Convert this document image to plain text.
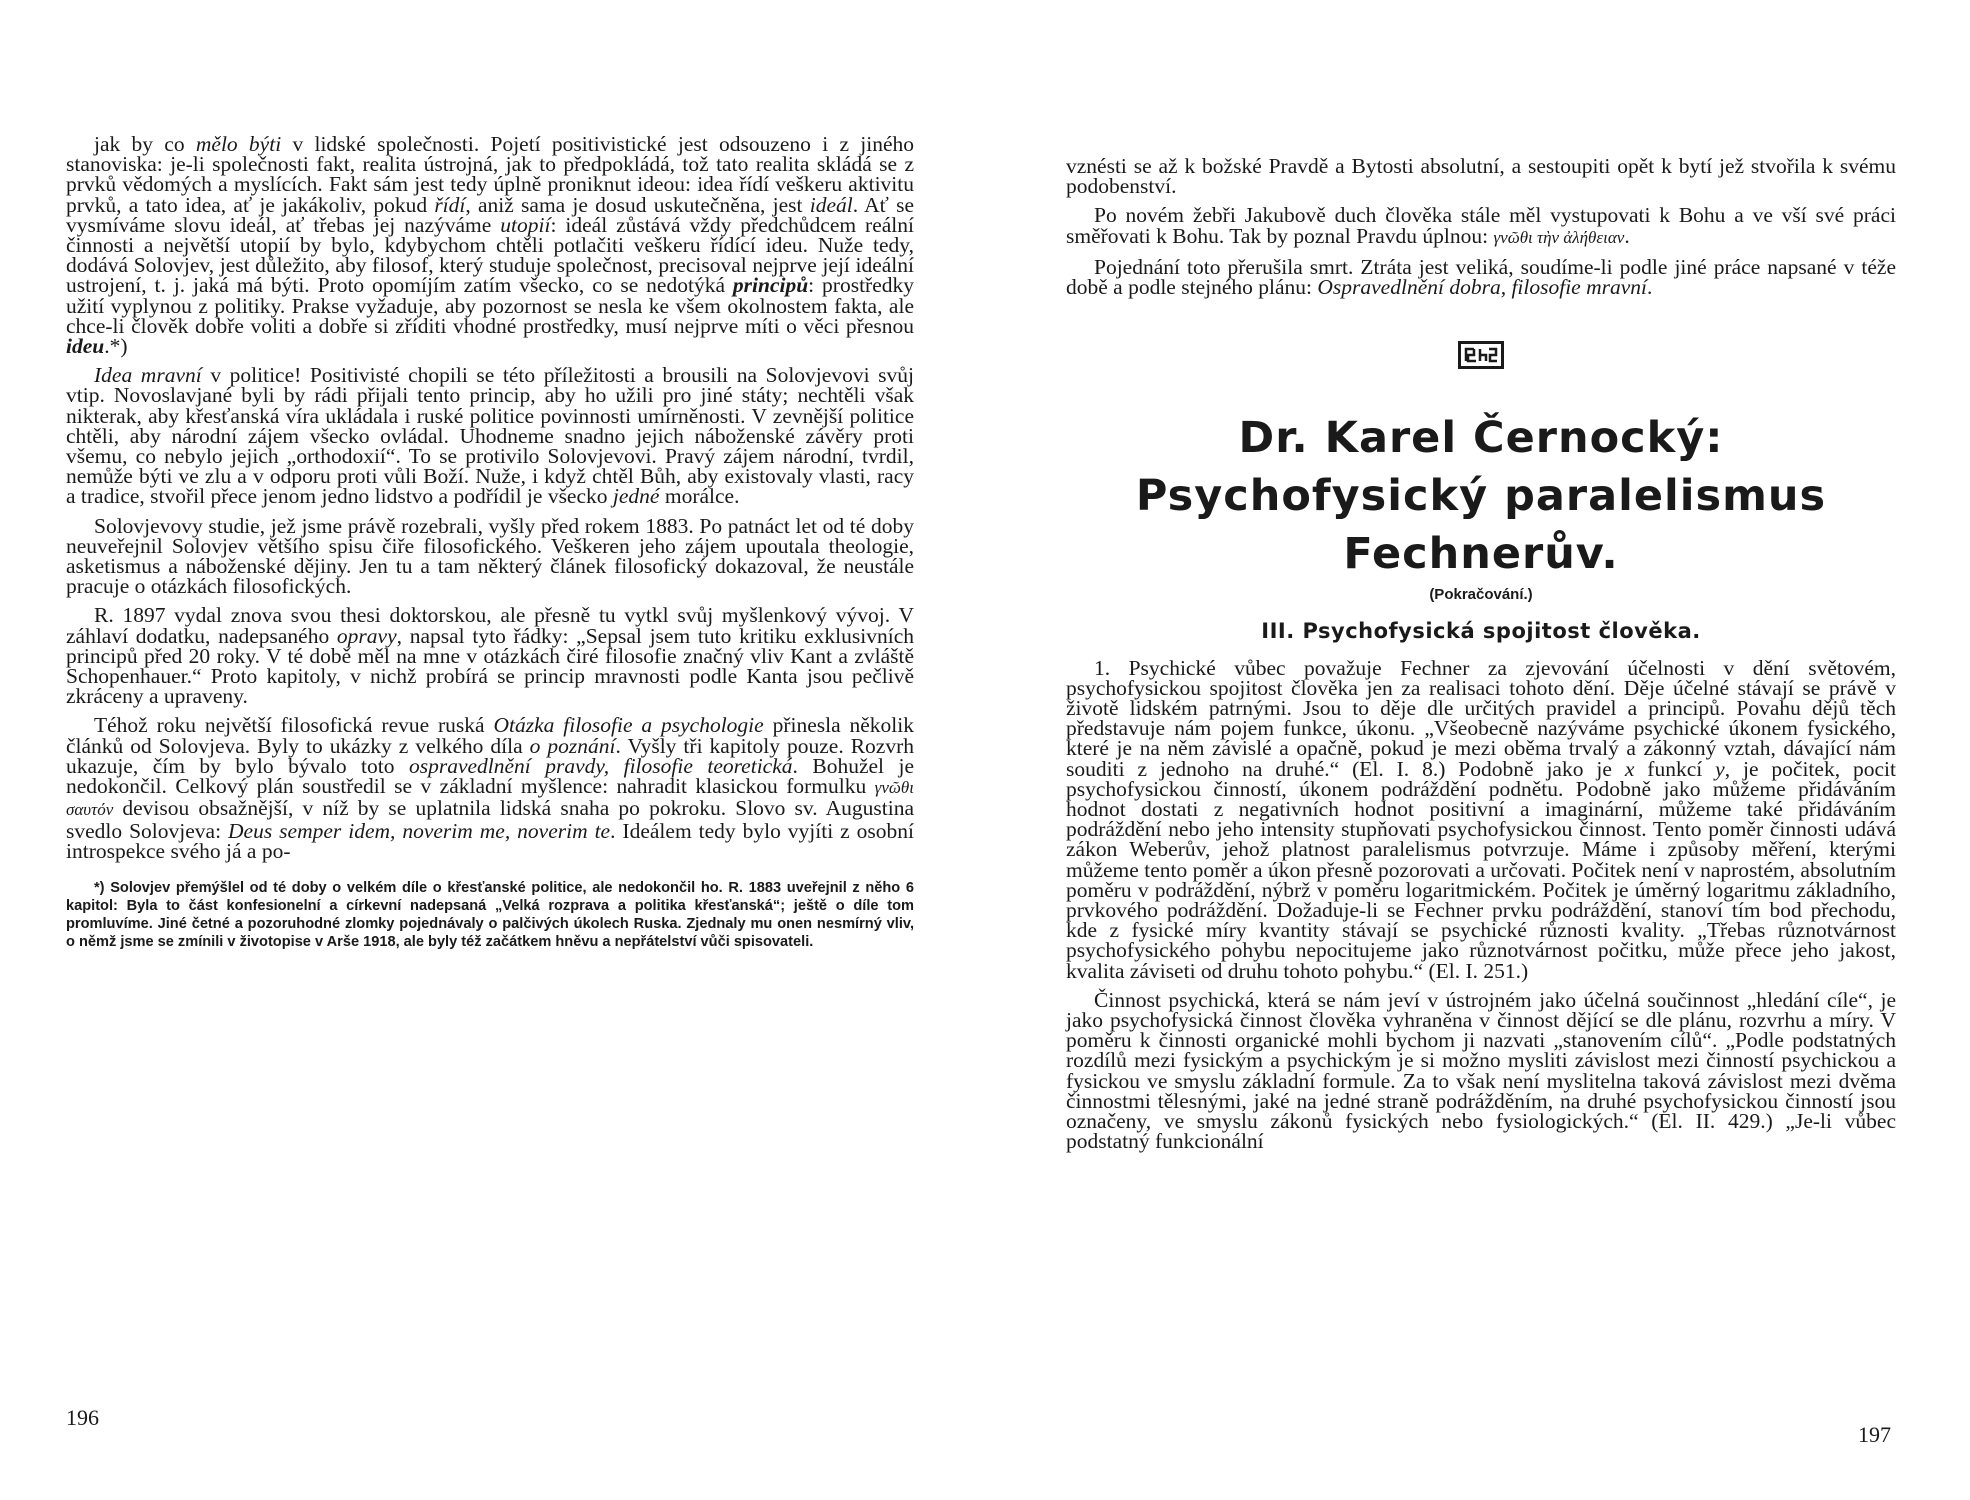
jak by co mělo býti v lidské společnosti. Pojetí positivistické jest odsouzeno i z jiného stanoviska: je-li společnosti fakt, realita ústrojná, jak to předpokládá, tož tato realita skládá se z prvků vědomých a myslících. Fakt sám jest tedy úplně proniknut ideou: idea řídí veškeru aktivitu prvků, a tato idea, ať je jakákoliv, pokud řídí, aniž sama je dosud uskutečněna, jest ideál. Ať se vysmíváme slovu ideál, ať třebas jej nazýváme utopií: ideál zůstává vždy předchůdcem reální činnosti a největší utopií by bylo, kdybychom chtěli potlačiti veškeru řídící ideu. Nuže tedy, dodává Solovjev, jest důležito, aby filosof, který studuje společnost, precisoval nejprve její ideální ustrojení, t. j. jaká má býti. Proto opomíjím zatím všecko, co se nedotýká principů: prostředky užití vyplynou z politiky. Prakse vyžaduje, aby pozornost se nesla ke všem okolnostem fakta, ale chce-li člověk dobře voliti a dobře si zříditi vhodné prostředky, musí nejprve míti o věci přesnou ideu.*)

Idea mravní v politice! Positivisté chopili se této příležitosti a brousili na Solovjevovi svůj vtip. Novoslavjané byli by rádi přijali tento princip, aby ho užili pro jiné státy; nechtěli však nikterak, aby křesťanská víra ukládala i ruské politice povinnosti umírněnosti. V zevnější politice chtěli, aby národní zájem všecko ovládal. Uhodneme snadno jejich náboženské závěry proti všemu, co nebylo jejich „orthodoxií“. To se protivilo Solovjevovi. Pravý zájem národní, tvrdil, nemůže býti ve zlu a v odporu proti vůli Boží. Nuže, i když chtěl Bůh, aby existovaly vlasti, racy a tradice, stvořil přece jenom jedno lidstvo a podřídil je všecko jedné morálce.

Solovjevovy studie, jež jsme právě rozebrali, vyšly před rokem 1883. Po patnáct let od té doby neuveřejnil Solovjev většího spisu čiře filosofického. Veškeren jeho zájem upoutala theologie, asketismus a náboženské dějiny. Jen tu a tam některý článek filosofický dokazoval, že neustále pracuje o otázkách filosofických.

R. 1897 vydal znova svou thesi doktorskou, ale přesně tu vytkl svůj myšlenkový vývoj. V záhlaví dodatku, nadepsaného opravy, napsal tyto řádky: „Sepsal jsem tuto kritiku exklusivních principů před 20 roky. V té době měl na mne v otázkách čiré filosofie značný vliv Kant a zvláště Schopenhauer.“ Proto kapitoly, v nichž probírá se princip mravnosti podle Kanta jsou pečlivě zkráceny a upraveny.

Téhož roku největší filosofická revue ruská Otázka filosofie a psychologie přinesla několik článků od Solovjeva. Byly to ukázky z velkého díla o poznání. Vyšly tři kapitoly pouze. Rozvrh ukazuje, čím by bylo bývalo toto ospravedlnění pravdy, filosofie teoretická. Bohužel je nedokončil. Celkový plán soustředil se v základní myšlence: nahradit klasickou formulku γνῶθι σαυτόν devisou obsažnější, v níž by se uplatnila lidská snaha po pokroku. Slovo sv. Augustina svedlo Solovjeva: Deus semper idem, noverim me, noverim te. Ideálem tedy bylo vyjíti z osobní introspekce svého já a po-

*) Solovjev přemýšlel od té doby o velkém díle o křesťanské politice, ale nedokončil ho. R. 1883 uveřejnil z něho 6 kapitol: Byla to část konfesionelní a církevní nadepsaná „Velká rozprava a politika křesťanská“; ještě o díle tom promluvíme. Jiné četné a pozoruhodné zlomky pojednávaly o palčivých úkolech Ruska. Zjednaly mu onen nesmírný vliv, o němž jsme se zmínili v životopise v Arše 1918, ale byly též začátkem hněvu a nepřátelství vůči spisovateli.
196

vznésti se až k božské Pravdě a Bytosti absolutní, a sestoupiti opět k bytí jež stvořila k svému podobenství.

Po novém žebři Jakubově duch člověka stále měl vystupovati k Bohu a ve vší své práci směřovati k Bohu. Tak by poznal Pravdu úplnou: γνῶθι τὴν ἀλήθειαν.

Pojednání toto přerušila smrt. Ztráta jest veliká, soudíme-li podle jiné práce napsané v téže době a podle stejného plánu: Ospravedlnění dobra, filosofie mravní.

Dr. Karel Černocký:
Psychofysický paralelismus Fechnerův.
(Pokračování.)
III. Psychofysická spojitost člověka.

1. Psychické vůbec považuje Fechner za zjevování účelnosti v dění světovém, psychofysickou spojitost člověka jen za realisaci tohoto dění. Děje účelné stávají se právě v životě lidském patrnými. Jsou to děje dle určitých pravidel a principů. Povahu dějů těch představuje nám pojem funkce, úkonu. „Všeobecně nazýváme psychické úkonem fysického, které je na něm závislé a opačně, pokud je mezi oběma trvalý a zákonný vztah, dávající nám souditi z jednoho na druhé.“ (El. I. 8.) Podobně jako je x funkcí y, je počitek, pocit psychofysickou činností, úkonem podráždění podnětu. Podobně jako můžeme přidáváním hodnot dostati z negativních hodnot positivní a imaginární, můžeme také přidáváním podráždění nebo jeho intensity stupňovati psychofysickou činnost. Tento poměr činnosti udává zákon Weberův, jehož platnost paralelismus potvrzuje. Máme i způsoby měření, kterými můžeme tento poměr a úkon přesně pozorovati a určovati. Počitek není v naprostém, absolutním poměru v podráždění, nýbrž v poměru logaritmickém. Počitek je úměrný logaritmu základního, prvkového podráždění. Dožaduje-li se Fechner prvku podráždění, stanoví tím bod přechodu, kde z fysické míry kvantity stávají se psychické různosti kvality. „Třebas různotvárnost psychofysického pohybu nepocitujeme jako různotvárnost počitku, může přece jeho jakost, kvalita záviseti od druhu tohoto pohybu.“ (El. I. 251.)

Činnost psychická, která se nám jeví v ústrojném jako účelná součinnost „hledání cíle“, je jako psychofysická činnost člověka vyhraněna v činnost dějící se dle plánu, rozvrhu a míry. V poměru k činnosti organické mohli bychom ji nazvati „stanovením cílů“. „Podle podstatných rozdílů mezi fysickým a psychickým je si možno mysliti závislost mezi činností psychickou a fysickou ve smyslu základní formule. Za to však není myslitelna taková závislost mezi dvěma činnostmi tělesnými, jaké na jedné straně podrážděním, na druhé psychofysickou činností jsou označeny, ve smyslu zákonů fysických nebo fysiologických.“ (El. II. 429.) „Je-li vůbec podstatný funkcionální

197
